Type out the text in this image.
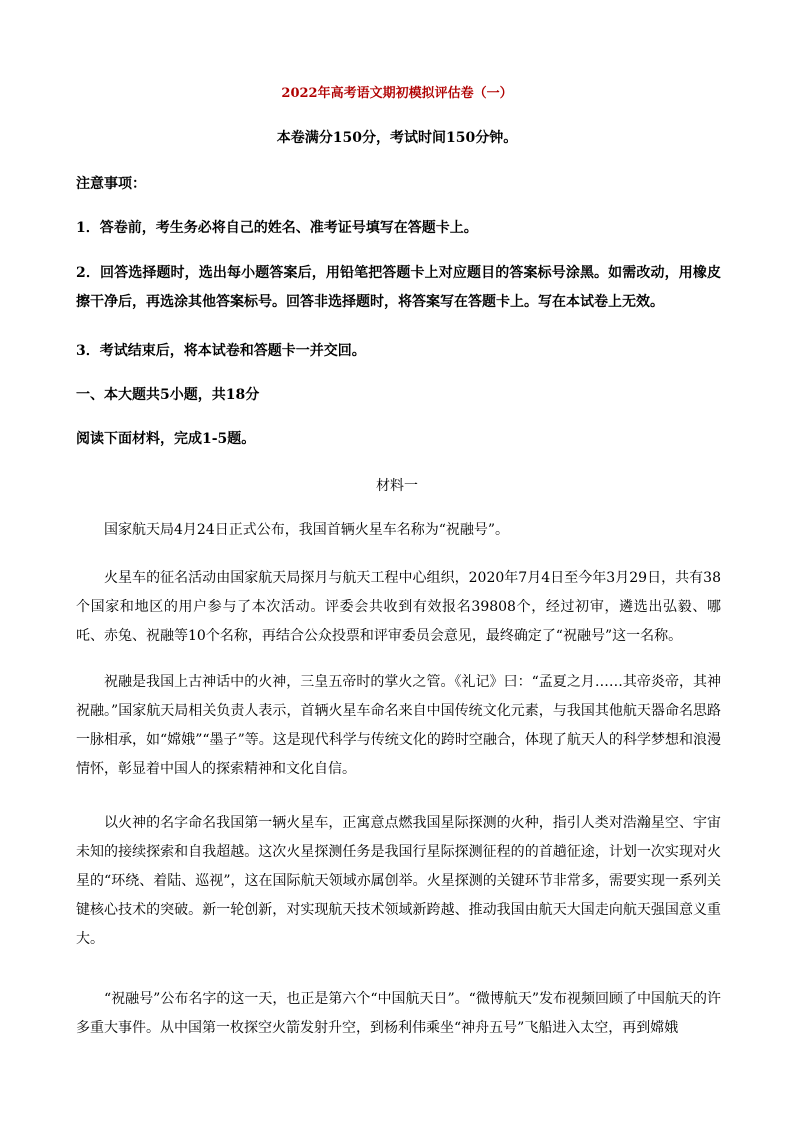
2022年高考语文期初模拟评估卷（一）
本卷满分150分，考试时间150分钟。
注意事项：
1．答卷前，考生务必将自己的姓名、准考证号填写在答题卡上。
2．回答选择题时，选出每小题答案后，用铅笔把答题卡上对应题目的答案标号涂黑。如需改动，用橡皮擦干净后，再选涂其他答案标号。回答非选择题时，将答案写在答题卡上。写在本试卷上无效。
3．考试结束后，将本试卷和答题卡一并交回。
一、本大题共5小题，共18分
阅读下面材料，完成1-5题。
材料一
国家航天局4月24日正式公布，我国首辆火星车名称为“祝融号”。
火星车的征名活动由国家航天局探月与航天工程中心组织，2020年7月4日至今年3月29日，共有38个国家和地区的用户参与了本次活动。评委会共收到有效报名39808个，经过初审，遴选出弘毅、哪吒、赤兔、祝融等10个名称，再结合公众投票和评审委员会意见，最终确定了“祝融号”这一名称。
祝融是我国上古神话中的火神，三皇五帝时的掌火之管。《礼记》曰：“孟夏之月……其帝炎帝，其神祝融。”国家航天局相关负责人表示，首辆火星车命名来自中国传统文化元素，与我国其他航天器命名思路一脉相承，如“嫦娥”“墨子”等。这是现代科学与传统文化的跨时空融合，体现了航天人的科学梦想和浪漫情怀，彰显着中国人的探索精神和文化自信。
以火神的名字命名我国第一辆火星车，正寓意点燃我国星际探测的火种，指引人类对浩瀚星空、宇宙未知的接续探索和自我超越。这次火星探测任务是我国行星际探测征程的的首趟征途，计划一次实现对火星的“环绕、着陆、巡视”，这在国际航天领域亦属创举。火星探测的关键环节非常多，需要实现一系列关键核心技术的突破。新一轮创新，对实现航天技术领域新跨越、推动我国由航天大国走向航天强国意义重大。
“祝融号”公布名字的这一天，也正是第六个“中国航天日”。“微博航天”发布视频回顾了中国航天的许多重大事件。从中国第一枚探空火箭发射升空，到杨利伟乘坐“神舟五号”飞船进入太空，再到嫦娥
